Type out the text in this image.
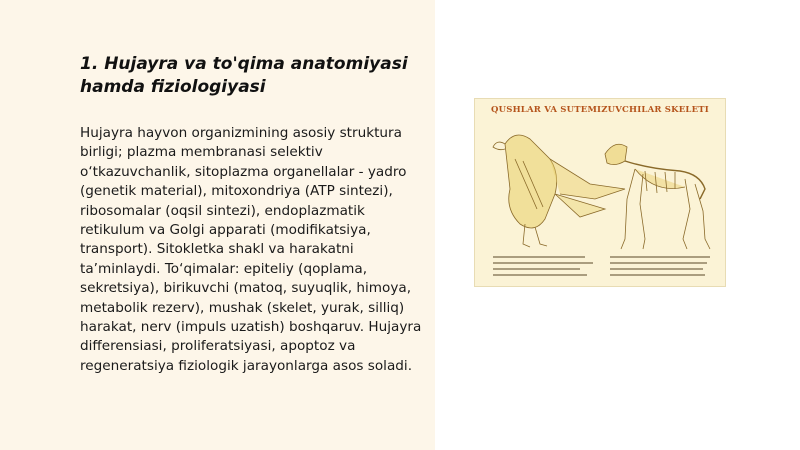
1. Hujayra va to'qima anatomiyasi
hamda fiziologiyasi

Hujayra hayvon organizmining asosiy struktura birligi; plazma membranasi selektiv o‘tkazuvchanlik, sitoplazma organellalar - yadro (genetik material), mitoxondriya (ATP sintezi), ribosomalar (oqsil sintezi), endoplazmatik retikulum va Golgi apparati (modifikatsiya, transport). Sitokletka shakl va harakatni ta’minlaydi. To‘qimalar: epiteliy (qoplama, sekretsiya), birikuvchi (matoq, suyuqlik, himoya, metabolik rezerv), mushak (skelet, yurak, silliq) harakat, nerv (impuls uzatish) boshqaruv. Hujayra differensiasi, proliferatsiyasi, apoptoz va regeneratsiya fiziologik jarayonlarga asos soladi.

QUSHLAR VA SUTEMIZUVCHILAR SKELETI
